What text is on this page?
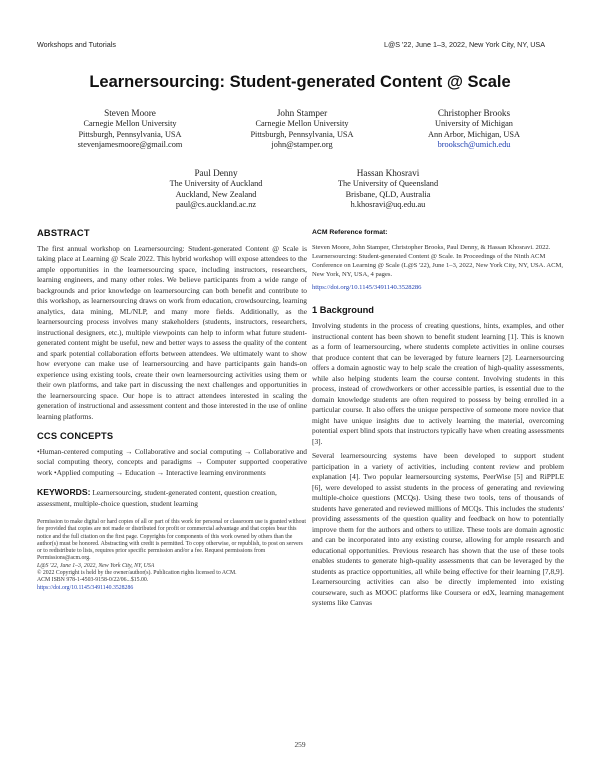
Workshops and Tutorials	L@S '22, June 1–3, 2022, New York City, NY, USA
Learnersourcing: Student-generated Content @ Scale
Steven Moore
Carnegie Mellon University
Pittsburgh, Pennsylvania, USA
stevenjamesmoore@gmail.com
John Stamper
Carnegie Mellon University
Pittsburgh, Pennsylvania, USA
john@stamper.org
Christopher Brooks
University of Michigan
Ann Arbor, Michigan, USA
brooksch@umich.edu
Paul Denny
The University of Auckland
Auckland, New Zealand
paul@cs.auckland.ac.nz
Hassan Khosravi
The University of Queensland
Brisbane, QLD, Australia
h.khosravi@uq.edu.au
ABSTRACT

The first annual workshop on Learnersourcing: Student-generated Content @ Scale is taking place at Learning @ Scale 2022. This hybrid workshop will expose attendees to the ample opportunities in the learnersourcing space, including instructors, researchers, learning engineers, and many other roles. We believe participants from a wide range of backgrounds and prior knowledge on learnersourcing can both benefit and contribute to this workshop, as learnersourcing draws on work from education, crowdsourcing, learning analytics, data mining, ML/NLP, and many more fields. Additionally, as the learnersourcing process involves many stakeholders (students, instructors, researchers, instructional designers, etc.), multiple viewpoints can help to inform what future student-generated content might be useful, new and better ways to assess the quality of the content and spark potential collaboration efforts between attendees. We ultimately want to show how everyone can make use of learnersourcing and have participants gain hands-on experience using existing tools, create their own learnersourcing activities using them or their own platforms, and take part in discussing the next challenges and opportunities in the learnersourcing space. Our hope is to attract attendees interested in scaling the generation of instructional and assessment content and those interested in the use of online learning platforms.

CCS CONCEPTS

•Human-centered computing → Collaborative and social computing → Collaborative and social computing theory, concepts and paradigms → Computer supported cooperative work •Applied computing → Education → Interactive learning environments

KEYWORDS: Learnersourcing, student-generated content, question creation, assessment, multiple-choice question, student learning

Permission to make digital or hard copies of all or part of this work for personal or classroom use is granted without fee provided that copies are not made or distributed for profit or commercial advantage and that copies bear this notice and the full citation on the first page. Copyrights for components of this work owned by others than the author(s) must be honored. Abstracting with credit is permitted. To copy otherwise, or republish, to post on servers or to redistribute to lists, requires prior specific permission and/or a fee. Request permissions from Permissions@acm.org.

L@S '22, June 1–3, 2022, New York City, NY, USA

© 2022 Copyright is held by the owner/author(s). Publication rights licensed to ACM.

ACM ISBN 978-1-4503-9158-0/22/06...$15.00.

https://doi.org/10.1145/3491140.3528286

ACM Reference format:

Steven Moore, John Stamper, Christopher Brooks, Paul Denny, & Hassan Khosravi. 2022. Learnersourcing: Student-generated Content @ Scale. In Proceedings of the Ninth ACM Conference on Learning @ Scale (L@S '22), June 1–3, 2022, New York City, NY, USA. ACM, New York, NY, USA, 4 pages.

https://doi.org/10.1145/3491140.3528286

1 Background

Involving students in the process of creating questions, hints, examples, and other instructional content has been shown to benefit student learning [1]. This is known as a form of learnersourcing, where students complete activities in online courses that produce content that can be leveraged by future learners [2]. Learnersourcing offers a domain agnostic way to help scale the creation of high-quality assessments, while also helping students learn the course content. Involving students in this process, instead of crowdworkers or other accessible parties, is essential due to the domain knowledge students are often required to possess by being enrolled in a particular course. It also offers the unique perspective of someone more novice that might have unique insights due to actively learning the material, overcoming potential expert blind spots that instructors typically have when creating assessments [3].

Several learnersourcing systems have been developed to support student participation in a variety of activities, including content review and problem explanation [4]. Two popular learnersourcing systems, PeerWise [5] and RiPPLE [6], were developed to assist students in the process of generating and reviewing multiple-choice questions (MCQs). Using these two tools, tens of thousands of students have generated and reviewed millions of MCQs. This includes the students' providing assessments of the question quality and feedback on how to potentially improve them for the authors and others to utilize. These tools are domain agnostic and can be incorporated into any existing course, allowing for ample research and educational opportunities. Previous research has shown that the use of these tools enables students to generate high-quality assessments that can be leveraged by the students as practice opportunities, all while being effective for their learning [7,8,9]. Learnersourcing activities can also be directly implemented into existing courseware, such as MOOC platforms like Coursera or edX, learning management systems like Canvas

259
